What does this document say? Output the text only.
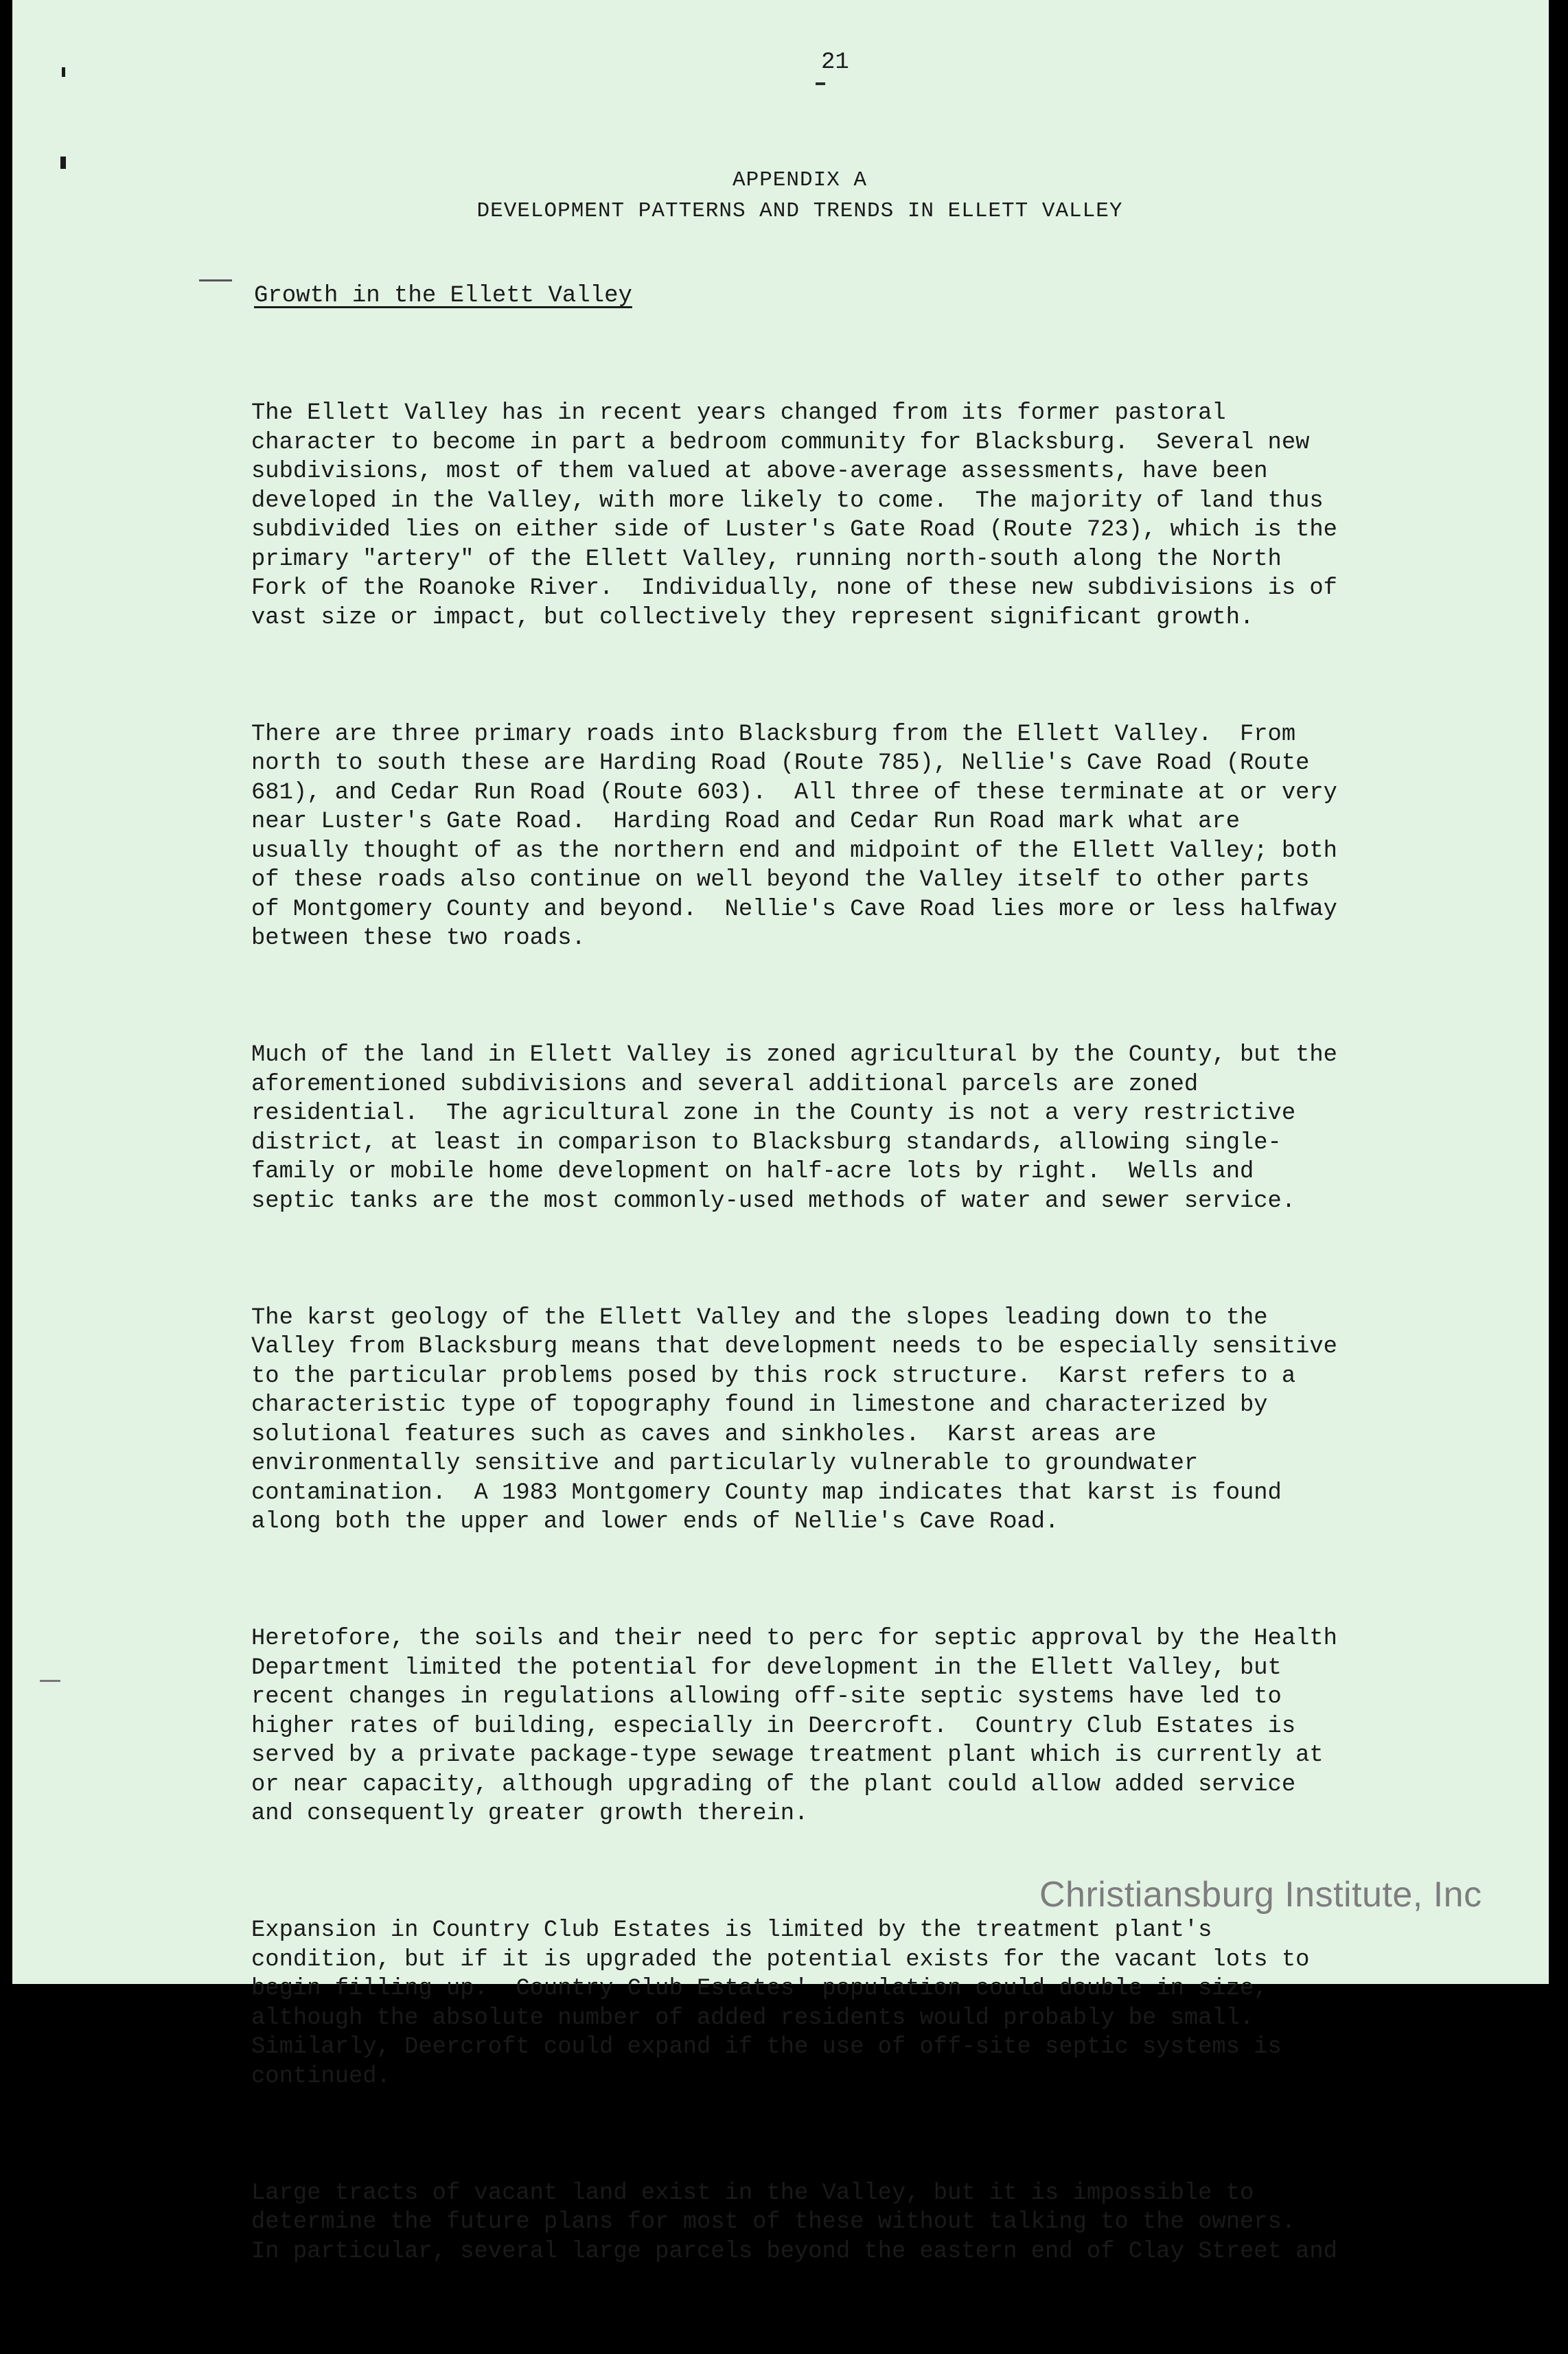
21
APPENDIX A
DEVELOPMENT PATTERNS AND TRENDS IN ELLETT VALLEY
Growth in the Ellett Valley

The Ellett Valley has in recent years changed from its former pastoral
character to become in part a bedroom community for Blacksburg.  Several new
subdivisions, most of them valued at above-average assessments, have been
developed in the Valley, with more likely to come.  The majority of land thus
subdivided lies on either side of Luster's Gate Road (Route 723), which is the
primary "artery" of the Ellett Valley, running north-south along the North
Fork of the Roanoke River.  Individually, none of these new subdivisions is of
vast size or impact, but collectively they represent significant growth.

There are three primary roads into Blacksburg from the Ellett Valley.  From
north to south these are Harding Road (Route 785), Nellie's Cave Road (Route
681), and Cedar Run Road (Route 603).  All three of these terminate at or very
near Luster's Gate Road.  Harding Road and Cedar Run Road mark what are
usually thought of as the northern end and midpoint of the Ellett Valley; both
of these roads also continue on well beyond the Valley itself to other parts
of Montgomery County and beyond.  Nellie's Cave Road lies more or less halfway
between these two roads.

Much of the land in Ellett Valley is zoned agricultural by the County, but the
aforementioned subdivisions and several additional parcels are zoned
residential.  The agricultural zone in the County is not a very restrictive
district, at least in comparison to Blacksburg standards, allowing single-
family or mobile home development on half-acre lots by right.  Wells and
septic tanks are the most commonly-used methods of water and sewer service.

The karst geology of the Ellett Valley and the slopes leading down to the
Valley from Blacksburg means that development needs to be especially sensitive
to the particular problems posed by this rock structure.  Karst refers to a
characteristic type of topography found in limestone and characterized by
solutional features such as caves and sinkholes.  Karst areas are
environmentally sensitive and particularly vulnerable to groundwater
contamination.  A 1983 Montgomery County map indicates that karst is found
along both the upper and lower ends of Nellie's Cave Road.

Heretofore, the soils and their need to perc for septic approval by the Health
Department limited the potential for development in the Ellett Valley, but
recent changes in regulations allowing off-site septic systems have led to
higher rates of building, especially in Deercroft.  Country Club Estates is
served by a private package-type sewage treatment plant which is currently at
or near capacity, although upgrading of the plant could allow added service
and consequently greater growth therein.

Expansion in Country Club Estates is limited by the treatment plant's
condition, but if it is upgraded the potential exists for the vacant lots to
begin filling up.  Country Club Estates' population could double in size,
although the absolute number of added residents would probably be small.
Similarly, Deercroft could expand if the use of off-site septic systems is
continued.

Large tracts of vacant land exist in the Valley, but it is impossible to
determine the future plans for most of these without talking to the owners.
In particular, several large parcels beyond the eastern end of Clay Street and

Christiansburg Institute, Inc
